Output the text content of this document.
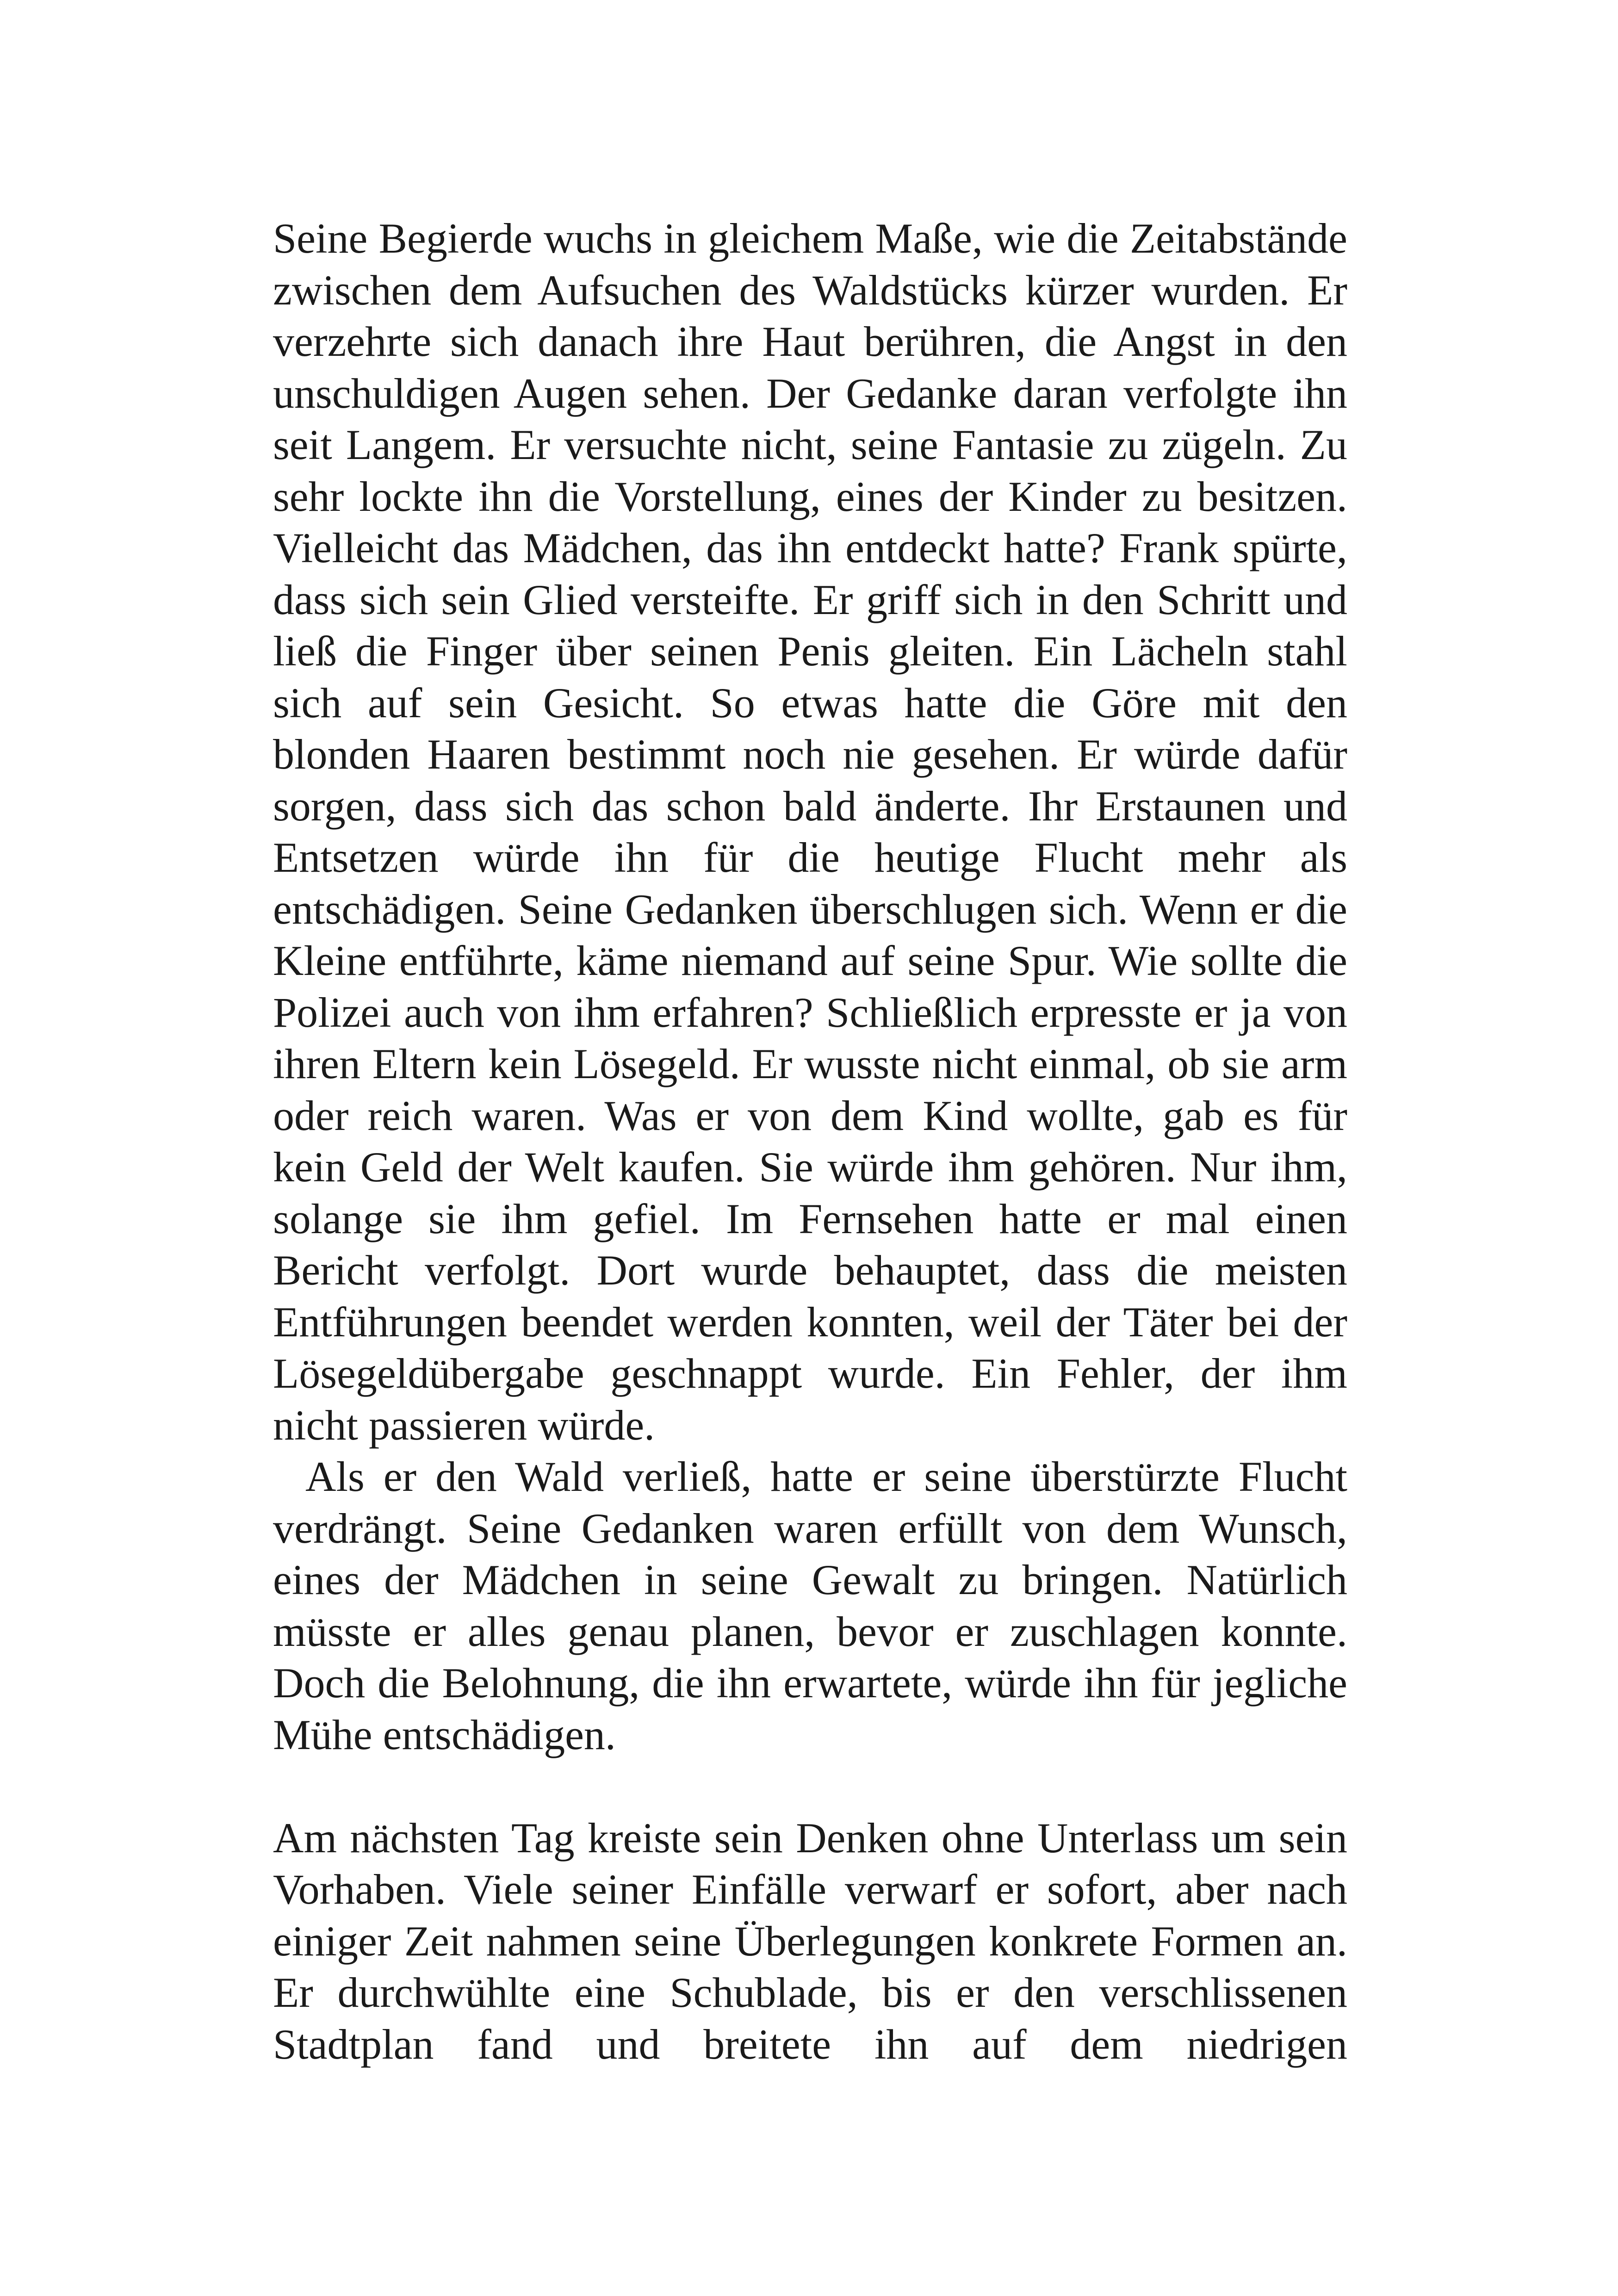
Seine Begierde wuchs in gleichem Maße, wie die Zeitabstände
zwischen dem Aufsuchen des Waldstücks kürzer wurden. Er
verzehrte sich danach ihre Haut berühren, die Angst in den
unschuldigen Augen sehen. Der Gedanke daran verfolgte ihn
seit Langem. Er versuchte nicht, seine Fantasie zu zügeln. Zu
sehr lockte ihn die Vorstellung, eines der Kinder zu besitzen.
Vielleicht das Mädchen, das ihn entdeckt hatte? Frank spürte,
dass sich sein Glied versteifte. Er griff sich in den Schritt und
ließ die Finger über seinen Penis gleiten. Ein Lächeln stahl
sich auf sein Gesicht. So etwas hatte die Göre mit den
blonden Haaren bestimmt noch nie gesehen. Er würde dafür
sorgen, dass sich das schon bald änderte. Ihr Erstaunen und
Entsetzen würde ihn für die heutige Flucht mehr als
entschädigen. Seine Gedanken überschlugen sich. Wenn er die
Kleine entführte, käme niemand auf seine Spur. Wie sollte die
Polizei auch von ihm erfahren? Schließlich erpresste er ja von
ihren Eltern kein Lösegeld. Er wusste nicht einmal, ob sie arm
oder reich waren. Was er von dem Kind wollte, gab es für
kein Geld der Welt kaufen. Sie würde ihm gehören. Nur ihm,
solange sie ihm gefiel. Im Fernsehen hatte er mal einen
Bericht verfolgt. Dort wurde behauptet, dass die meisten
Entführungen beendet werden konnten, weil der Täter bei der
Lösegeldübergabe geschnappt wurde. Ein Fehler, der ihm
nicht passieren würde.
Als er den Wald verließ, hatte er seine überstürzte Flucht
verdrängt. Seine Gedanken waren erfüllt von dem Wunsch,
eines der Mädchen in seine Gewalt zu bringen. Natürlich
müsste er alles genau planen, bevor er zuschlagen konnte.
Doch die Belohnung, die ihn erwartete, würde ihn für jegliche
Mühe entschädigen.
Am nächsten Tag kreiste sein Denken ohne Unterlass um sein
Vorhaben. Viele seiner Einfälle verwarf er sofort, aber nach
einiger Zeit nahmen seine Überlegungen konkrete Formen an.
Er durchwühlte eine Schublade, bis er den verschlissenen
Stadtplan fand und breitete ihn auf dem niedrigen
